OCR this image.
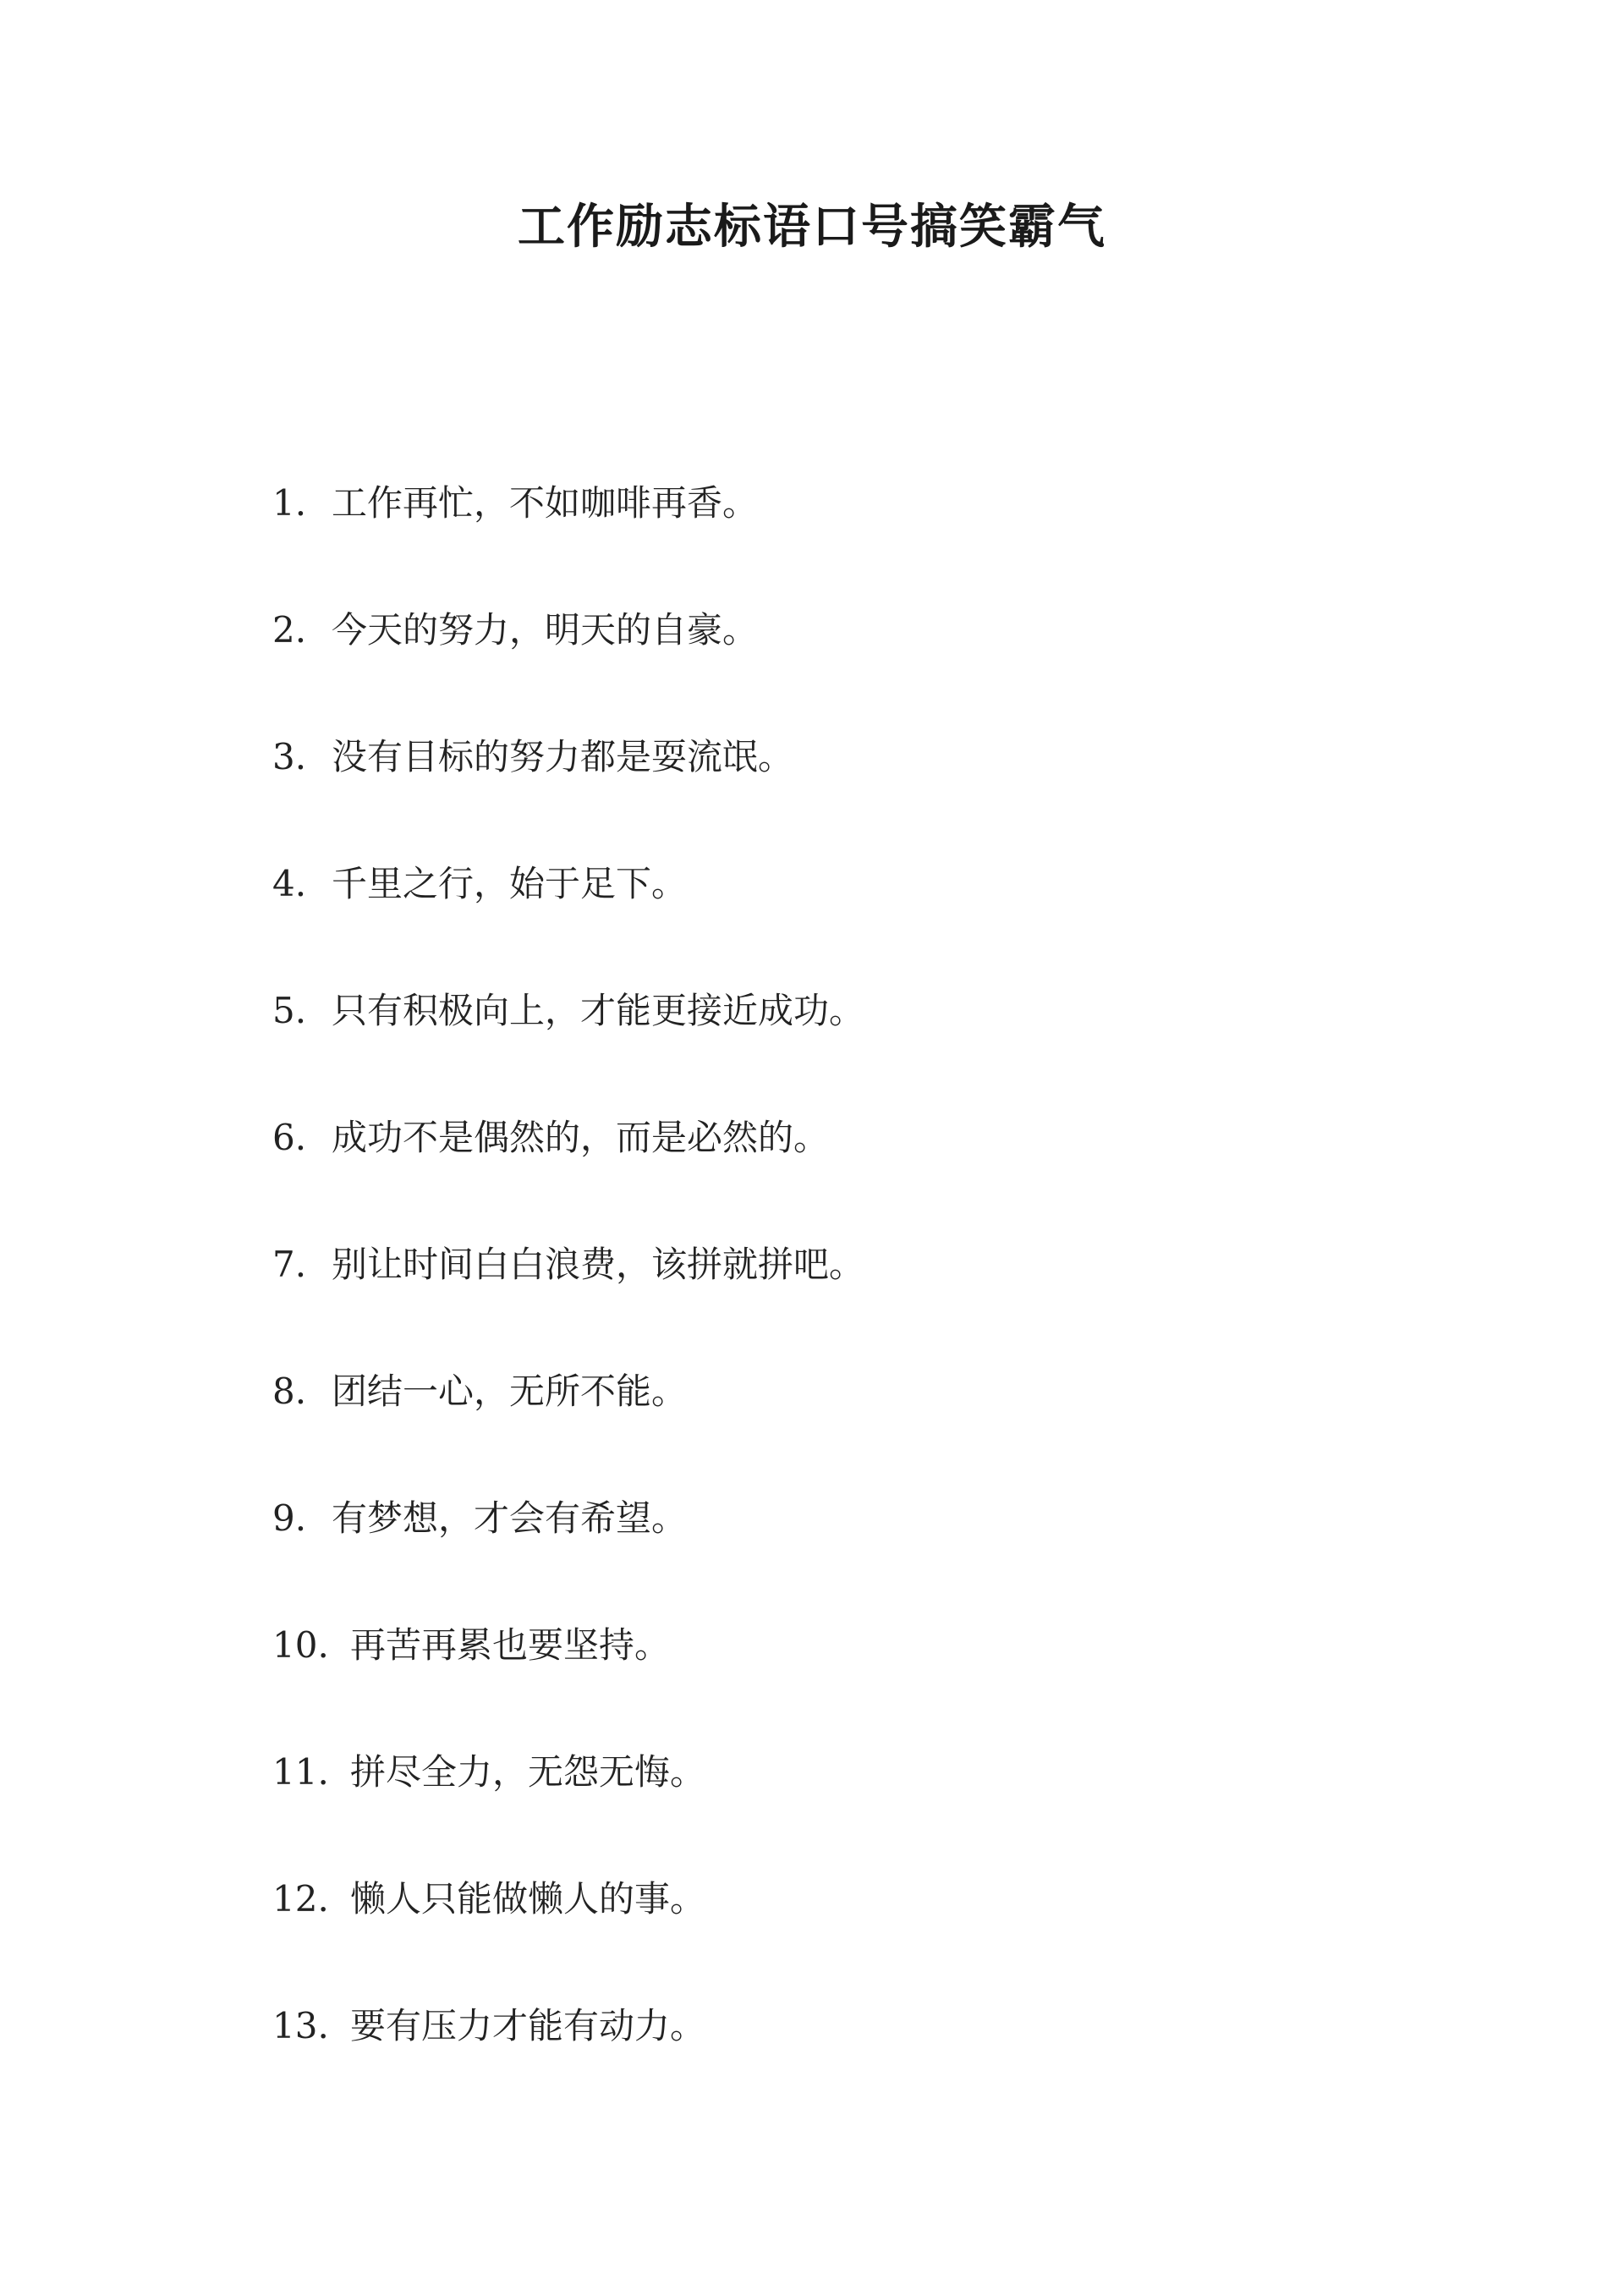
工作励志标语口号搞笑霸气
1. 工作再忙，不如咖啡再香。
2. 今天的努力，明天的自豪。
3. 没有目标的努力都是耍流氓。
4. 千里之行，始于足下。
5. 只有积极向上，才能更接近成功。
6. 成功不是偶然的，而是必然的。
7. 别让时间白白浪费，该拼就拼吧。
8. 团结一心，无所不能。
9. 有梦想，才会有希望。
10. 再苦再累也要坚持。
11. 拼尽全力，无怨无悔。
12. 懒人只能做懒人的事。
13. 要有压力才能有动力。
